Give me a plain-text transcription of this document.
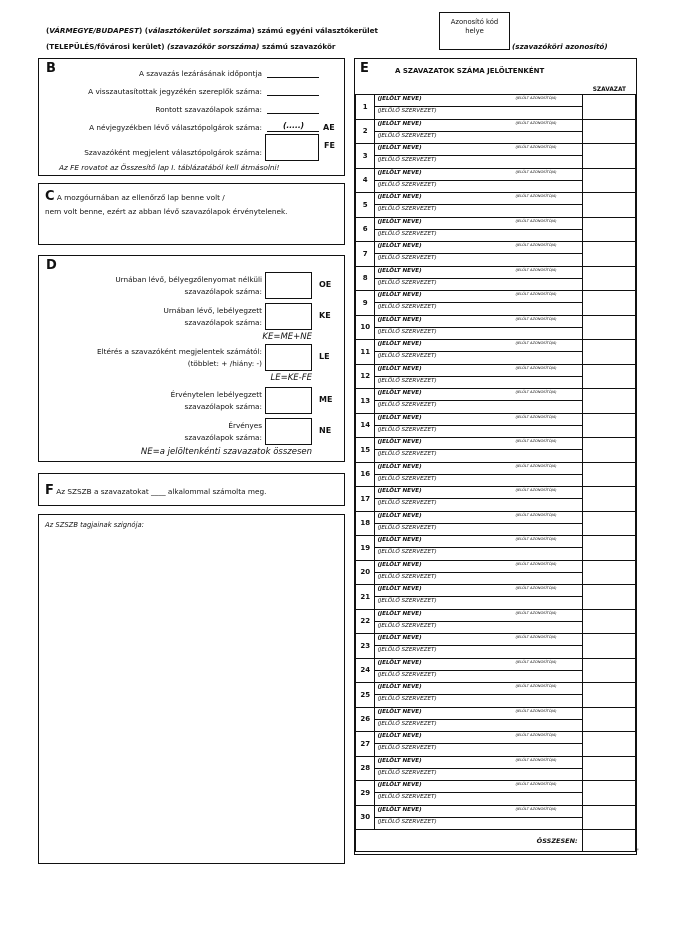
(VÁRMEGYE/BUDAPEST) (választókerület sorszáma) számú egyéni választókerület
(TELEPÜLÉS/fővárosi kerület) (szavazókör sorszáma) számú szavazókör
Azonosító kód helye
(szavazóköri azonosító)
B	A szavazás lezárásának időpontja
A visszautasítottak jegyzékén szereplők száma:
Rontott szavazólapok száma:
A névjegyzékben lévő választópolgárok száma:	(.....) AE
FE
Szavazóként megjelent választópolgárok száma:
Az FE rovatot az Összesítő lap I. táblázatából kell átmásolni!
C A mozgóurnában az ellenőrző lap benne volt /
nem volt benne, ezért az abban lévő szavazólapok érvénytelenek.
D
Urnában lévő, bélyegzőlenyomat nélküli
szavazólapok száma:
OE
Urnában lévő, lebélyegzett
szavazólapok száma:
KE
KE=ME+NE
Eltérés a szavazóként megjelentek számától:
(többlet: + /hiány: -)
LE
LE=KE-FE
Érvénytelen lebélyegzett
szavazólapok száma:
ME
Érvényes
szavazólapok száma:
NE
NE=a jelöltenkénti szavazatok összesen
F Az SZSZB a szavazatokat ____ alkalommal számolta meg.
Az SZSZB tagjainak szignója:
E	A SZAVAZATOK SZÁMA JELÖLTENKÉNT
SZAVAZAT
1	(JELÖLT NEVE) (JELÖLT AZONOSÍTÓJA)
(JELÖLŐ SZERVEZET)	

2	(JELÖLT NEVE) (JELÖLT AZONOSÍTÓJA)
(JELÖLŐ SZERVEZET)	

3	(JELÖLT NEVE) (JELÖLT AZONOSÍTÓJA)
(JELÖLŐ SZERVEZET)	

4	(JELÖLT NEVE) (JELÖLT AZONOSÍTÓJA)
(JELÖLŐ SZERVEZET)	

5	(JELÖLT NEVE) (JELÖLT AZONOSÍTÓJA)
(JELÖLŐ SZERVEZET)	

6	(JELÖLT NEVE) (JELÖLT AZONOSÍTÓJA)
(JELÖLŐ SZERVEZET)	

7	(JELÖLT NEVE) (JELÖLT AZONOSÍTÓJA)
(JELÖLŐ SZERVEZET)	

8	(JELÖLT NEVE) (JELÖLT AZONOSÍTÓJA)
(JELÖLŐ SZERVEZET)	

9	(JELÖLT NEVE) (JELÖLT AZONOSÍTÓJA)
(JELÖLŐ SZERVEZET)	

10	(JELÖLT NEVE) (JELÖLT AZONOSÍTÓJA)
(JELÖLŐ SZERVEZET)	

11	(JELÖLT NEVE) (JELÖLT AZONOSÍTÓJA)
(JELÖLŐ SZERVEZET)	

12	(JELÖLT NEVE) (JELÖLT AZONOSÍTÓJA)
(JELÖLŐ SZERVEZET)	

13	(JELÖLT NEVE) (JELÖLT AZONOSÍTÓJA)
(JELÖLŐ SZERVEZET)	

14	(JELÖLT NEVE) (JELÖLT AZONOSÍTÓJA)
(JELÖLŐ SZERVEZET)	

15	(JELÖLT NEVE) (JELÖLT AZONOSÍTÓJA)
(JELÖLŐ SZERVEZET)	

16	(JELÖLT NEVE) (JELÖLT AZONOSÍTÓJA)
(JELÖLŐ SZERVEZET)	

17	(JELÖLT NEVE) (JELÖLT AZONOSÍTÓJA)
(JELÖLŐ SZERVEZET)	

18	(JELÖLT NEVE) (JELÖLT AZONOSÍTÓJA)
(JELÖLŐ SZERVEZET)	

19	(JELÖLT NEVE) (JELÖLT AZONOSÍTÓJA)
(JELÖLŐ SZERVEZET)	

20	(JELÖLT NEVE) (JELÖLT AZONOSÍTÓJA)
(JELÖLŐ SZERVEZET)	

21	(JELÖLT NEVE) (JELÖLT AZONOSÍTÓJA)
(JELÖLŐ SZERVEZET)	

22	(JELÖLT NEVE) (JELÖLT AZONOSÍTÓJA)
(JELÖLŐ SZERVEZET)	

23	(JELÖLT NEVE) (JELÖLT AZONOSÍTÓJA)
(JELÖLŐ SZERVEZET)	

24	(JELÖLT NEVE) (JELÖLT AZONOSÍTÓJA)
(JELÖLŐ SZERVEZET)	

25	(JELÖLT NEVE) (JELÖLT AZONOSÍTÓJA)
(JELÖLŐ SZERVEZET)	

26	(JELÖLT NEVE) (JELÖLT AZONOSÍTÓJA)
(JELÖLŐ SZERVEZET)	

27	(JELÖLT NEVE) (JELÖLT AZONOSÍTÓJA)
(JELÖLŐ SZERVEZET)	

28	(JELÖLT NEVE) (JELÖLT AZONOSÍTÓJA)
(JELÖLŐ SZERVEZET)	

29	(JELÖLT NEVE) (JELÖLT AZONOSÍTÓJA)
(JELÖLŐ SZERVEZET)	

30	(JELÖLT NEVE) (JELÖLT AZONOSÍTÓJA)
(JELÖLŐ SZERVEZET)	

ÖSSZESEN:		
"
